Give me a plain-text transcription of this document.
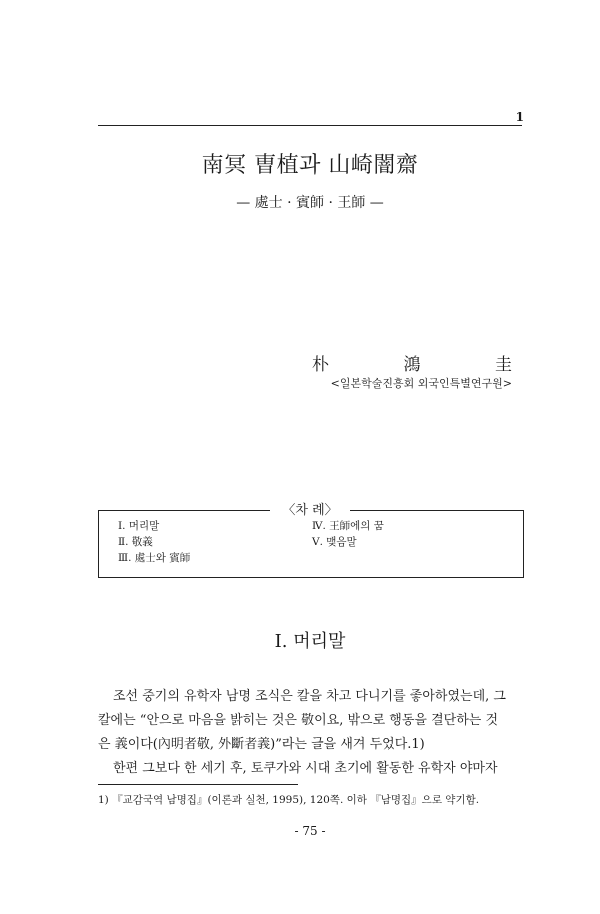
1
南冥 曺植과 山崎闇齋
— 處士 · 賓師 · 王師 —
朴	鴻	圭
<일본학술진흥회 외국인특별연구원>
〈차 례〉
Ⅰ. 머리말
Ⅱ. 敬義
Ⅲ. 處士와 賓師
Ⅳ. 王師에의 꿈
Ⅴ. 맺음말
Ⅰ. 머리말
조선 중기의 유학자 남명 조식은 칼을 차고 다니기를 좋아하였는데, 그
칼에는 “안으로 마음을 밝히는 것은 敬이요, 밖으로 행동을 결단하는 것
은 義이다(內明者敬, 外斷者義)”라는 글을 새겨 두었다.1)
한편 그보다 한 세기 후, 토쿠가와 시대 초기에 활동한 유학자 야마자
1) 『교감국역 남명집』(이론과 실천, 1995), 120쪽. 이하 『남명집』으로 약기함.
- 75 -
